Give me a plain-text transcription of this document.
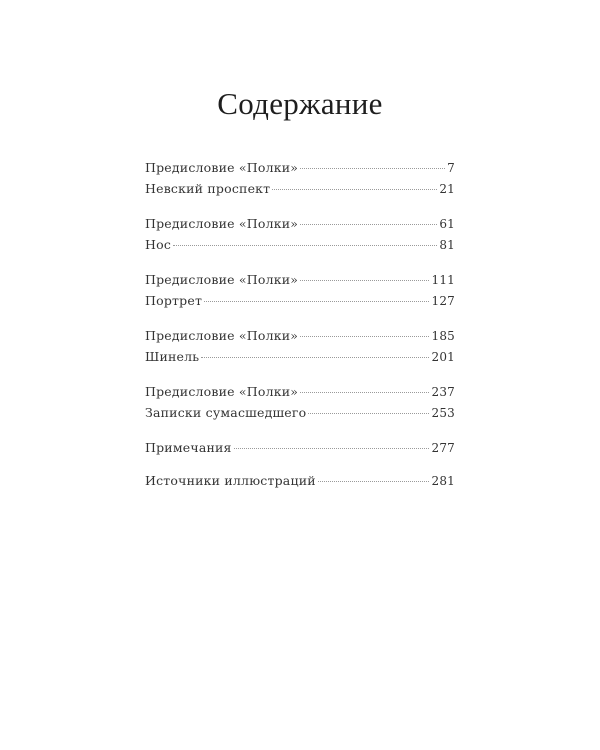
Содержание
Предисловие «Полки»	7
Невский проспект	21
Предисловие «Полки»	61
Нос	81
Предисловие «Полки»	111
Портрет	127
Предисловие «Полки»	185
Шинель	201
Предисловие «Полки»	237
Записки сумасшедшего	253
Примечания	277
Источники иллюстраций	281
